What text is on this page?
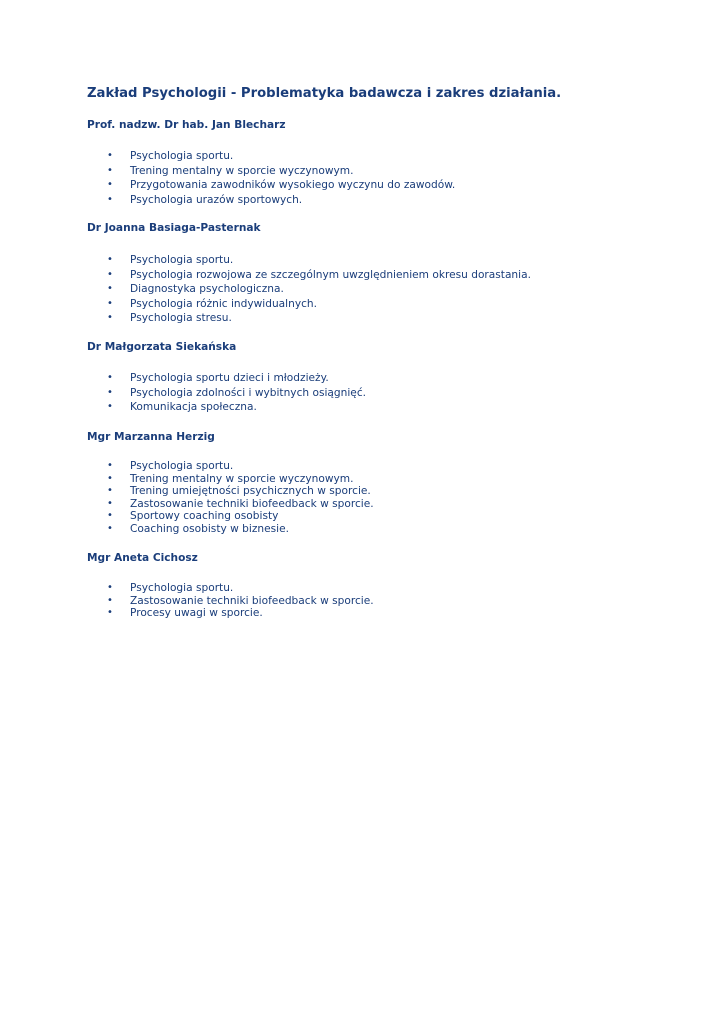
Zakład Psychologii - Problematyka badawcza i zakres działania.
Prof. nadzw. Dr hab. Jan Blecharz
• Psychologia sportu.
• Trening mentalny w sporcie wyczynowym.
• Przygotowania zawodników wysokiego wyczynu do zawodów.
• Psychologia urazów sportowych.
Dr Joanna Basiaga-Pasternak
• Psychologia sportu.
• Psychologia rozwojowa ze szczególnym uwzględnieniem okresu dorastania.
• Diagnostyka psychologiczna.
• Psychologia różnic indywidualnych.
• Psychologia stresu.
Dr Małgorzata Siekańska
• Psychologia sportu dzieci i młodzieży.
• Psychologia zdolności i wybitnych osiągnięć.
• Komunikacja społeczna.
Mgr Marzanna Herzig
• Psychologia sportu.
• Trening mentalny w sporcie wyczynowym.
• Trening umiejętności psychicznych w sporcie.
• Zastosowanie techniki biofeedback w sporcie.
• Sportowy coaching osobisty
• Coaching osobisty w biznesie.
Mgr Aneta Cichosz
• Psychologia sportu.
• Zastosowanie techniki biofeedback w sporcie.
• Procesy uwagi w sporcie.
